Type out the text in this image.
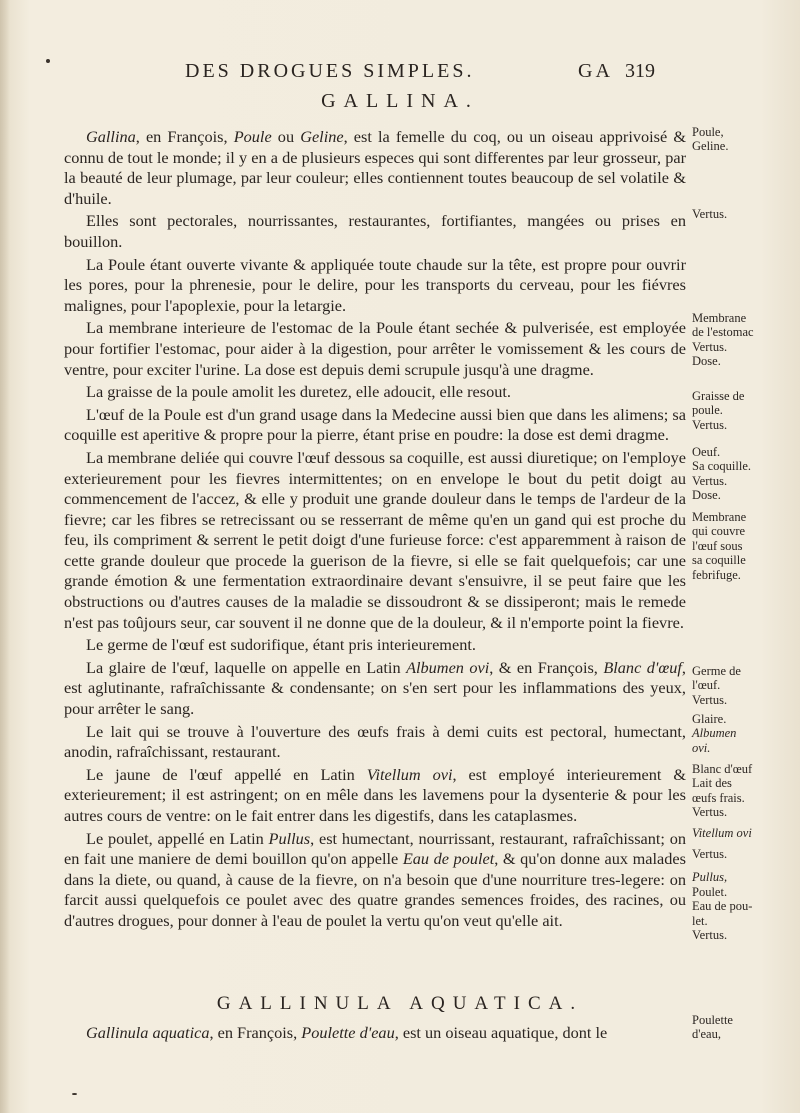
DES DROGUES SIMPLES.	GA 319
GALLINA.

Gallina, en François, Poule ou Geline, est la femelle du coq, ou un oiseau apprivoisé & connu de tout le monde; il y en a de plusieurs especes qui sont differentes par leur grosseur, par la beauté de leur plumage, par leur couleur; elles contiennent toutes beaucoup de sel volatile & d'huile.

Elles sont pectorales, nourrissantes, restaurantes, fortifiantes, mangées ou prises en bouillon.

La Poule étant ouverte vivante & appliquée toute chaude sur la tête, est propre pour ouvrir les pores, pour la phrenesie, pour le delire, pour les transports du cerveau, pour les fiévres malignes, pour l'apoplexie, pour la letargie.

La membrane interieure de l'estomac de la Poule étant sechée & pulverisée, est employée pour fortifier l'estomac, pour aider à la digestion, pour arrêter le vomissement & les cours de ventre, pour exciter l'urine. La dose est depuis demi scrupule jusqu'à une dragme.

La graisse de la poule amolit les duretez, elle adoucit, elle resout.

L'œuf de la Poule est d'un grand usage dans la Medecine aussi bien que dans les alimens; sa coquille est aperitive & propre pour la pierre, étant prise en poudre: la dose est demi dragme.

La membrane deliée qui couvre l'œuf dessous sa coquille, est aussi diuretique; on l'employe exterieurement pour les fievres intermittentes; on en envelope le bout du petit doigt au commencement de l'accez, & elle y produit une grande douleur dans le temps de l'ardeur de la fievre; car les fibres se retrecissant ou se resserrant de même qu'en un gand qui est proche du feu, ils compriment & serrent le petit doigt d'une furieuse force: c'est apparemment à raison de cette grande douleur que procede la guerison de la fievre, si elle se fait quelquefois; car une grande émotion & une fermentation extraordinaire devant s'ensuivre, il se peut faire que les obstructions ou d'autres causes de la maladie se dissoudront & se dissiperont; mais le remede n'est pas toûjours seur, car souvent il ne donne que de la douleur, & il n'emporte point la fievre.

Le germe de l'œuf est sudorifique, étant pris interieurement.

La glaire de l'œuf, laquelle on appelle en Latin Albumen ovi, & en François, Blanc d'œuf, est aglutinante, rafraîchissante & condensante; on s'en sert pour les inflammations des yeux, pour arrêter le sang.

Le lait qui se trouve à l'ouverture des œufs frais à demi cuits est pectoral, humectant, anodin, rafraîchissant, restaurant.

Le jaune de l'œuf appellé en Latin Vitellum ovi, est employé interieurement & exterieurement; il est astringent; on en mêle dans les lavemens pour la dysenterie & pour les autres cours de ventre: on le fait entrer dans les digestifs, dans les cataplasmes.

Le poulet, appellé en Latin Pullus, est humectant, nourrissant, restaurant, rafraîchissant; on en fait une maniere de demi bouillon qu'on appelle Eau de poulet, & qu'on donne aux malades dans la diete, ou quand, à cause de la fievre, on n'a besoin que d'une nourriture tres-legere: on farcit aussi quelquefois ce poulet avec des quatre grandes semences froides, des racines, ou d'autres drogues, pour donner à l'eau de poulet la vertu qu'on veut qu'elle ait.

GALLINULA AQUATICA.
Gallinula aquatica, en François, Poulette d'eau, est un oiseau aquatique, dont le
Poule,
Geline.
Vertus.
Membrane
de l'estomac
Vertus.
Dose.
Graisse de
poule.
Vertus.
Oeuf.
Sa coquille.
Vertus.
Dose.
Membrane
qui couvre
l'œuf sous
sa coquille
febrifuge.
Germe de
l'œuf.
Vertus.
Glaire.
Albumen
ovi.
Blanc d'œuf
Lait des
œufs frais.
Vertus.
Vitellum ovi
Vertus.
Pullus,
Poulet.
Eau de pou-
let.
Vertus.
Poulette
d'eau,
